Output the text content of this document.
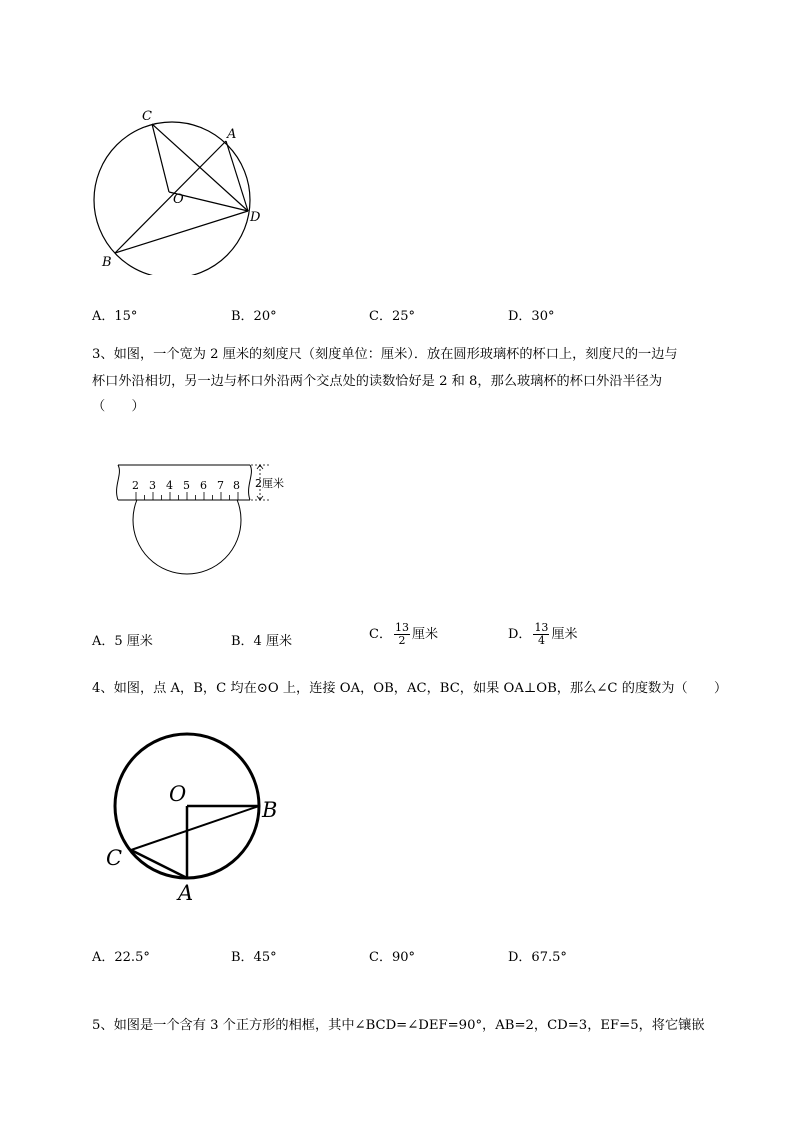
C
A
O
D
B
A．15°	B．20°	C．25°	D．30°
3、如图，一个宽为 2 厘米的刻度尺（刻度单位：厘米）．放在圆形玻璃杯的杯口上，刻度尺的一边与
杯口外沿相切，另一边与杯口外沿两个交点处的读数恰好是 2 和 8，那么玻璃杯的杯口外沿半径为
（　　）
2 3 4 5 6 7 8 2厘米
A．5 厘米	B．4 厘米	C． $\frac{13}{2}$ 厘米	D． $\frac{13}{4}$ 厘米
4、如图，点 A，B，C 均在⊙O 上，连接 OA，OB，AC，BC，如果 OA⊥OB，那么∠C 的度数为（　　）
O
B
C
A
A．22.5°	B．45°	C．90°	D．67.5°
5、如图是一个含有 3 个正方形的相框，其中∠BCD=∠DEF=90°，AB=2，CD=3，EF=5，将它镶嵌
